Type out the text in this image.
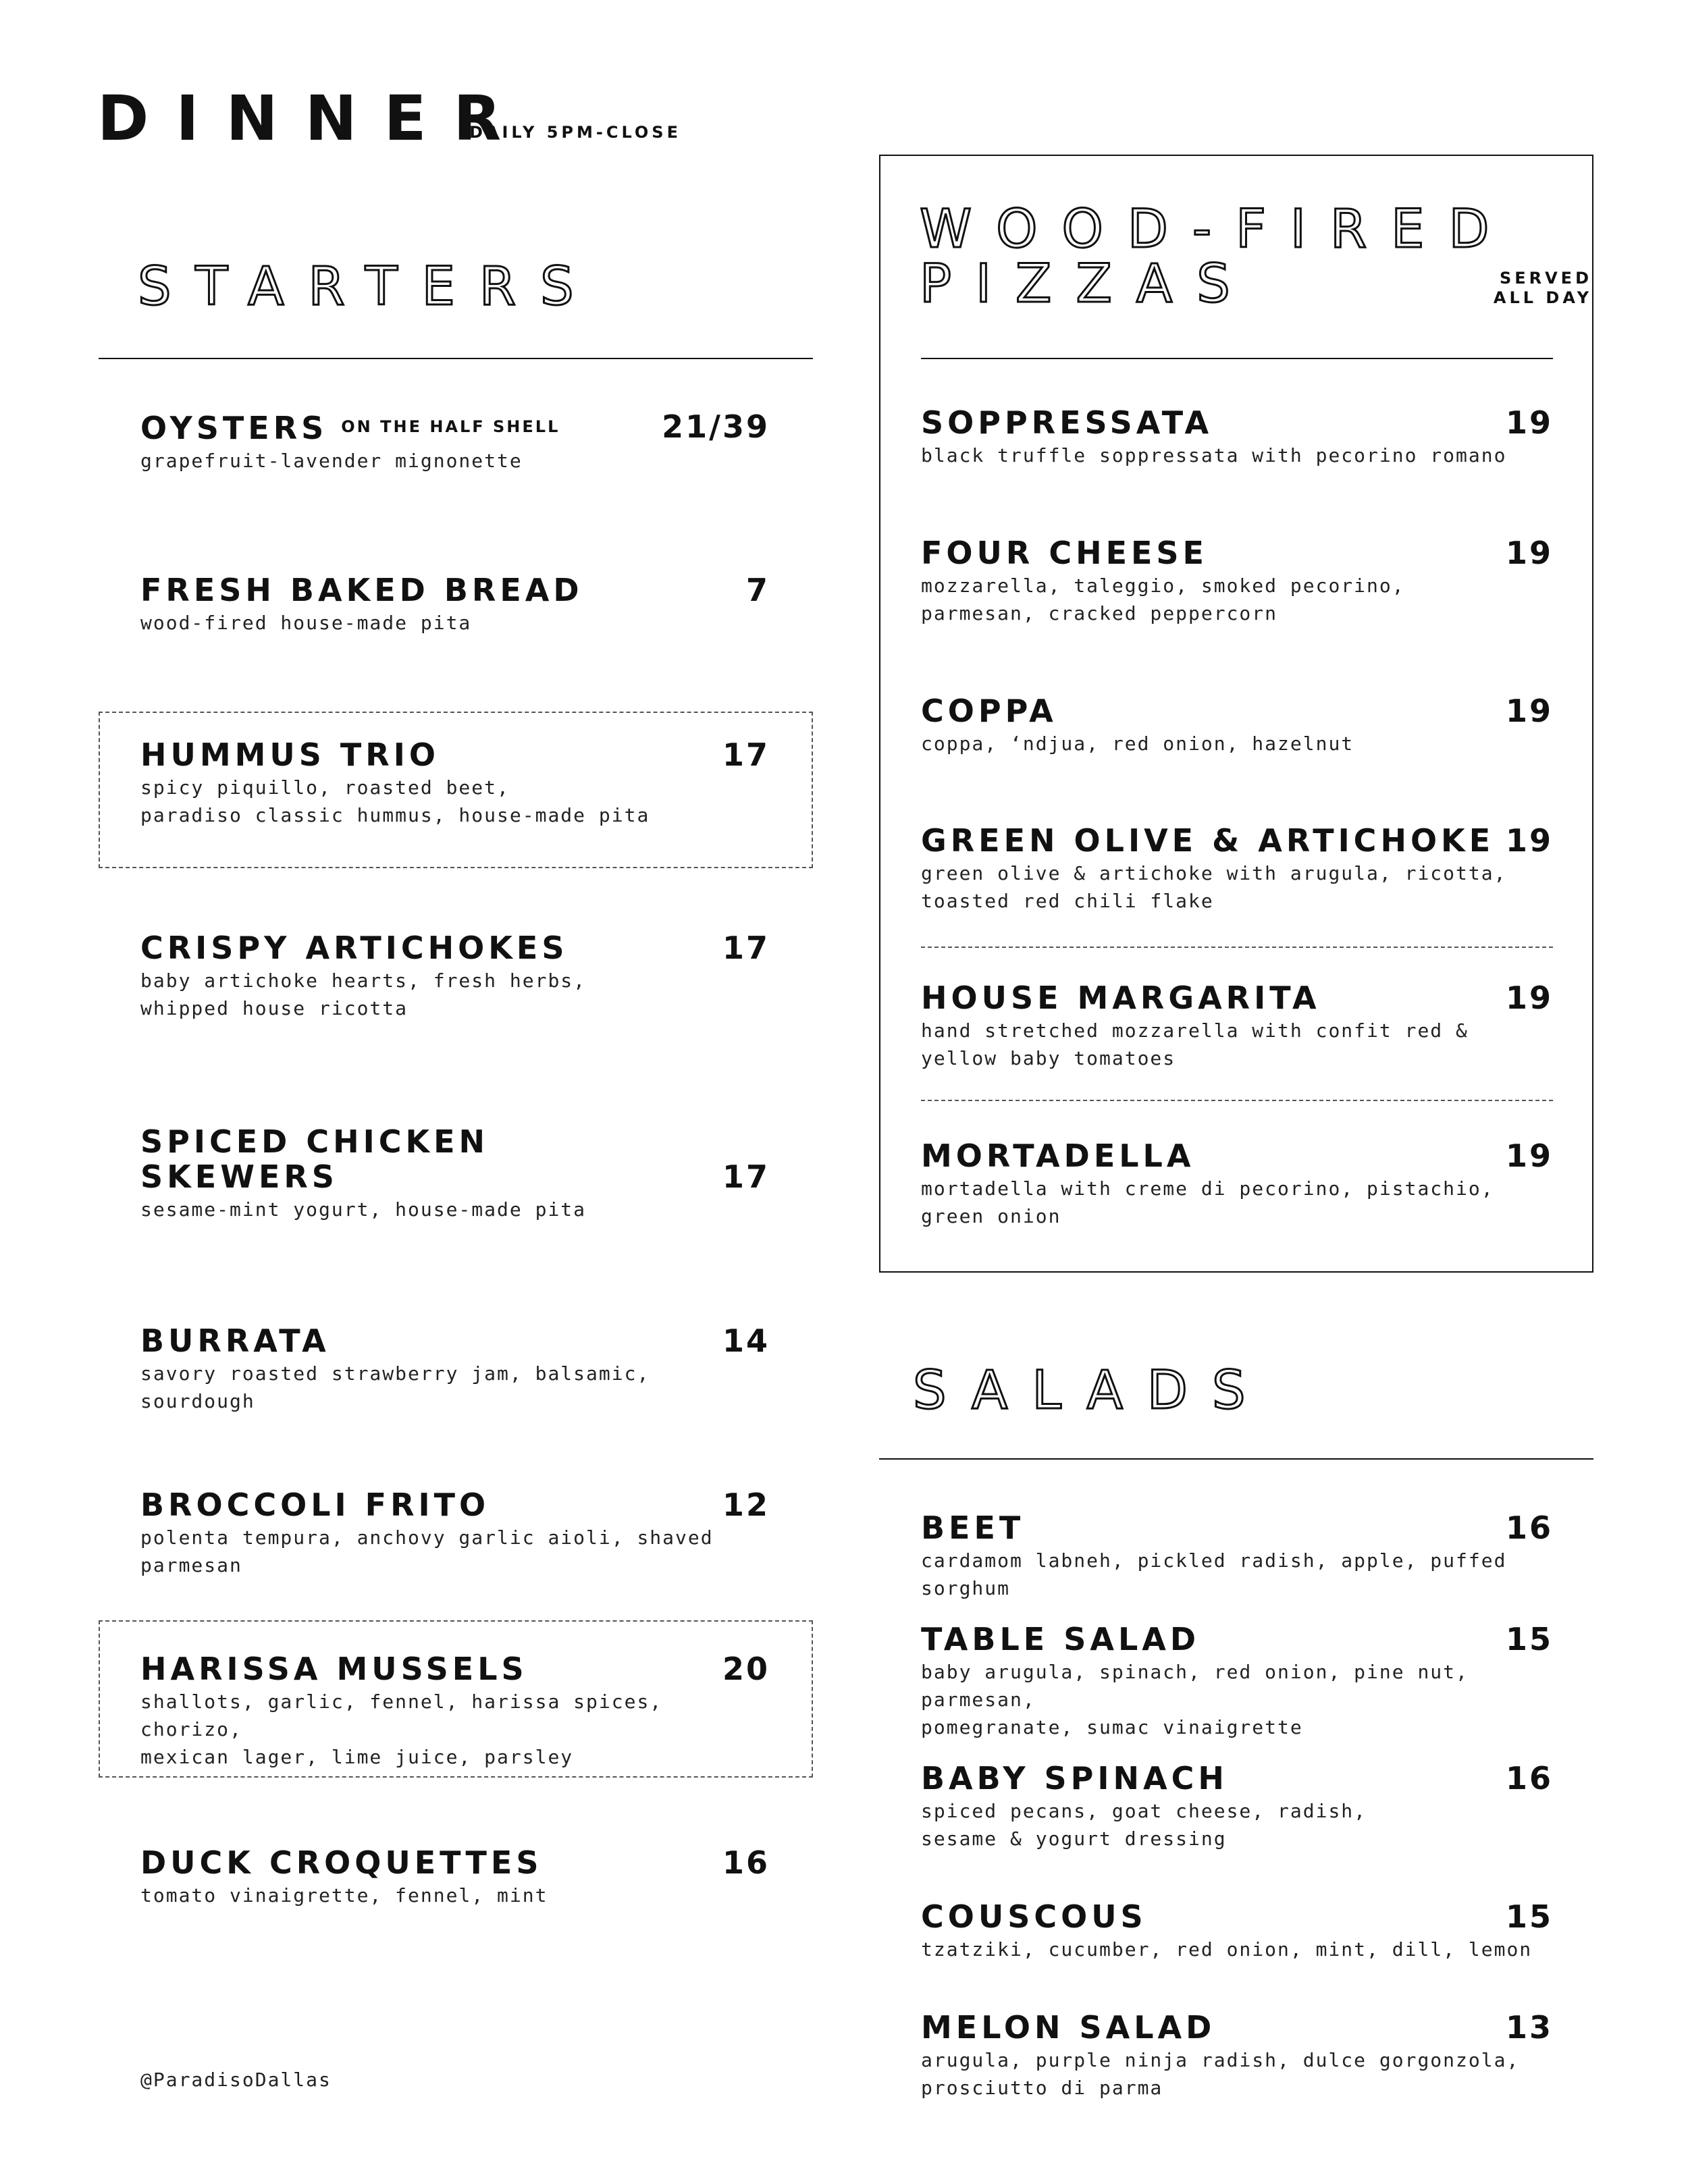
DINNER
DAILY 5PM-CLOSE
STARTERS
21/39
OYSTERS $^{ON THE HALF SHELL}$
grapefruit-lavender mignonette
7
FRESH BAKED BREAD
wood-fired house-made pita
17
HUMMUS TRIO
spicy piquillo, roasted beet,
paradiso classic hummus, house-made pita
17
CRISPY ARTICHOKES
baby artichoke hearts, fresh herbs,
whipped house ricotta
17
SPICED CHICKEN
SKEWERS
sesame-mint yogurt, house-made pita
14
BURRATA
savory roasted strawberry jam, balsamic, sourdough
12
BROCCOLI FRITO
polenta tempura, anchovy garlic aioli, shaved parmesan
20
HARISSA MUSSELS
shallots, garlic, fennel, harissa spices, chorizo,
mexican lager, lime juice, parsley
16
DUCK CROQUETTES
tomato vinaigrette, fennel, mint
WOOD-FIRED
PIZZAS	SERVED
ALL DAY
19
SOPPRESSATA
black truffle soppressata with pecorino romano
19
FOUR CHEESE
mozzarella, taleggio, smoked pecorino,
parmesan, cracked peppercorn
19
COPPA
coppa, ‘ndjua, red onion, hazelnut
19
GREEN OLIVE & ARTICHOKE
green olive & artichoke with arugula, ricotta,
toasted red chili flake
19
HOUSE MARGARITA
hand stretched mozzarella with confit red &
yellow baby tomatoes
19
MORTADELLA
mortadella with creme di pecorino, pistachio,
green onion
SALADS
16
BEET
cardamom labneh, pickled radish, apple, puffed sorghum
15
TABLE SALAD
baby arugula, spinach, red onion, pine nut, parmesan,
pomegranate, sumac vinaigrette
16
BABY SPINACH
spiced pecans, goat cheese, radish,
sesame & yogurt dressing
15
COUSCOUS
tzatziki, cucumber, red onion, mint, dill, lemon
13
MELON SALAD
arugula, purple ninja radish, dulce gorgonzola,
prosciutto di parma
@ParadisoDallas
